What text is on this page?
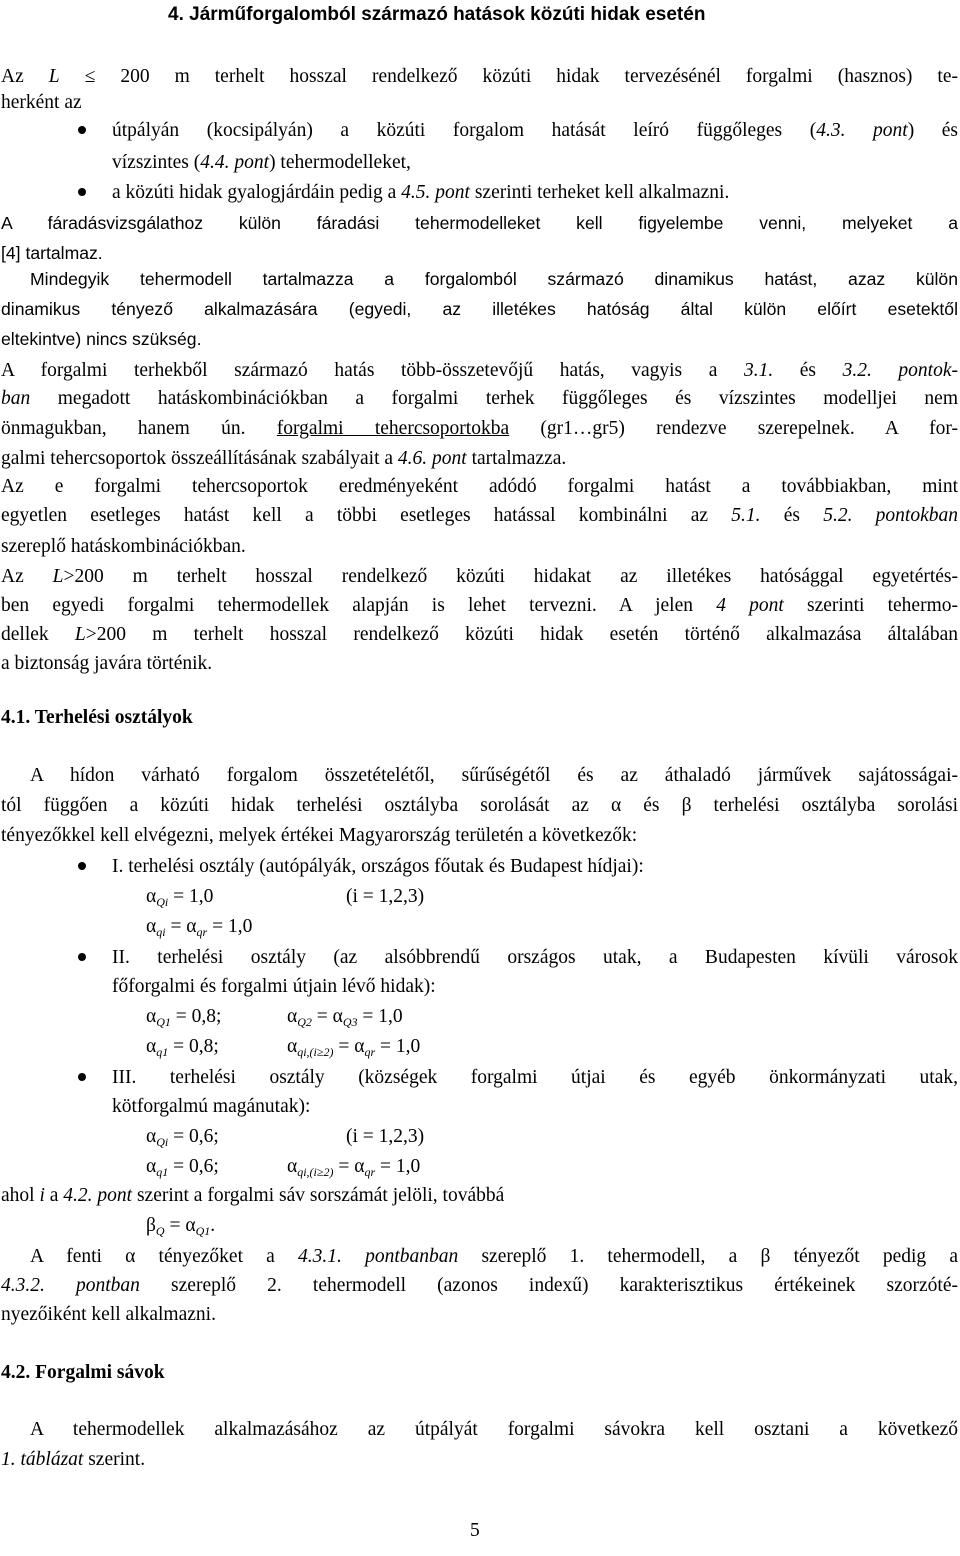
4. Járműforgalomból származó hatások közúti hidak esetén
Az L ≤ 200 m terhelt hosszal rendelkező közúti hidak tervezésénél forgalmi (hasznos) te-
herként az
útpályán (kocsipályán) a közúti forgalom hatását leíró függőleges (4.3. pont) és
vízszintes (4.4. pont) tehermodelleket,
a közúti hidak gyalogjárdáin pedig a 4.5. pont szerinti terheket kell alkalmazni.
A fáradásvizsgálathoz külön fáradási tehermodelleket kell figyelembe venni, melyeket a
[4] tartalmaz.
Mindegyik tehermodell tartalmazza a forgalomból származó dinamikus hatást, azaz külön
dinamikus tényező alkalmazására (egyedi, az illetékes hatóság által külön előírt esetektől
eltekintve) nincs szükség.
A forgalmi terhekből származó hatás több-összetevőjű hatás, vagyis a 3.1. és 3.2. pontok-
ban megadott hatáskombinációkban a forgalmi terhek függőleges és vízszintes modelljei nem
önmagukban, hanem ún. forgalmi tehercsoportokba (gr1…gr5) rendezve szerepelnek. A for-
galmi tehercsoportok összeállításának szabályait a 4.6. pont tartalmazza.
Az e forgalmi tehercsoportok eredményeként adódó forgalmi hatást a továbbiakban, mint
egyetlen esetleges hatást kell a többi esetleges hatással kombinálni az 5.1. és 5.2. pontokban
szereplő hatáskombinációkban.
Az L>200 m terhelt hosszal rendelkező közúti hidakat az illetékes hatósággal egyetértés-
ben egyedi forgalmi tehermodellek alapján is lehet tervezni. A jelen 4 pont szerinti tehermo-
dellek L>200 m terhelt hosszal rendelkező közúti hidak esetén történő alkalmazása általában
a biztonság javára történik.
4.1. Terhelési osztályok
A hídon várható forgalom összetételétől, sűrűségétől és az áthaladó járművek sajátosságai-
tól függően a közúti hidak terhelési osztályba sorolását az α és β terhelési osztályba sorolási
tényezőkkel kell elvégezni, melyek értékei Magyarország területén a következők:
I. terhelési osztály (autópályák, országos főutak és Budapest hídjai):
$\alpha_{Qi} = 1,0$	(i = 1,2,3)
$\alpha_{qi} = \alpha_{qr} = 1,0$
II. terhelési osztály (az alsóbbrendű országos utak, a Budapesten kívüli városok
főforgalmi és forgalmi útjain lévő hidak):
$\alpha_{Q1} = 0,8$;	$\alpha_{Q2} = \alpha_{Q3} = 1,0$
$\alpha_{q1} = 0,8$;	$\alpha_{qi,(i\ge 2)} = \alpha_{qr} = 1,0$
III. terhelési osztály (községek forgalmi útjai és egyéb önkormányzati utak,
kötforgalmú magánutak):
$\alpha_{Qi} = 0,6$;	(i = 1,2,3)
$\alpha_{q1} = 0,6$;	$\alpha_{qi,(i\ge 2)} = \alpha_{qr} = 1,0$
ahol i a 4.2. pont szerint a forgalmi sáv sorszámát jelöli, továbbá
$\beta_Q = \alpha_{Q1}$.
A fenti α tényezőket a 4.3.1. pontbanban szereplő 1. tehermodell, a β tényezőt pedig a
4.3.2. pontban szereplő 2. tehermodell (azonos indexű) karakterisztikus értékeinek szorzóté-
nyezőiként kell alkalmazni.
4.2. Forgalmi sávok
A tehermodellek alkalmazásához az útpályát forgalmi sávokra kell osztani a következő
1. táblázat szerint.
5
